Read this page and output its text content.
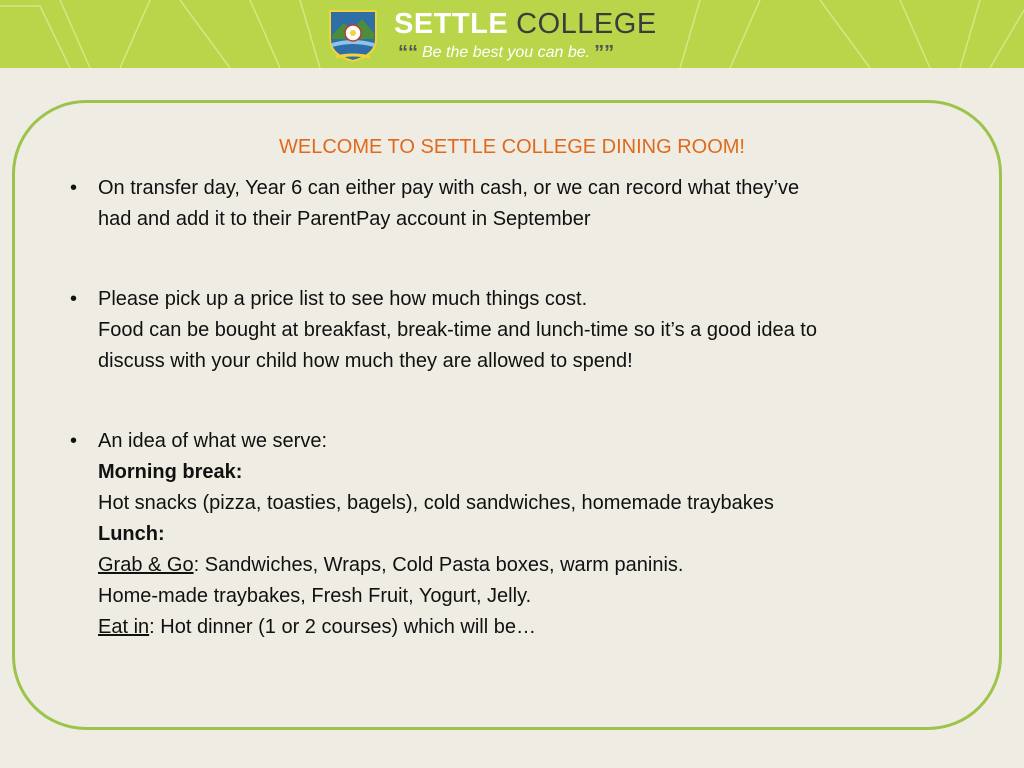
SETTLE COLLEGE
““ Be the best you can be. ””
WELCOME TO SETTLE COLLEGE DINING ROOM!
• On transfer day, Year 6 can either pay with cash, or we can record what they’ve
had and add it to their ParentPay account in September
• Please pick up a price list to see how much things cost.
Food can be bought at breakfast, break-time and lunch-time so it’s a good idea to
discuss with your child how much they are allowed to spend!
• An idea of what we serve:
Morning break:
Hot snacks (pizza, toasties, bagels), cold sandwiches, homemade traybakes
Lunch:
Grab & Go: Sandwiches, Wraps, Cold Pasta boxes, warm paninis.
Home-made traybakes, Fresh Fruit, Yogurt, Jelly.
Eat in: Hot dinner (1 or 2 courses) which will be…
